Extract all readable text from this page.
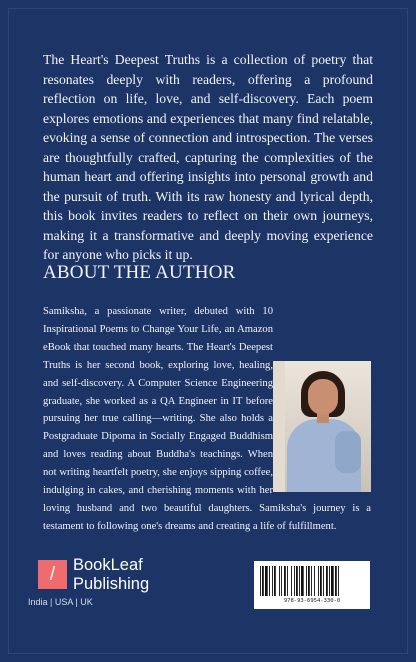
The Heart's Deepest Truths is a collection of poetry that resonates deeply with readers, offering a profound reflection on life, love, and self-discovery. Each poem explores emotions and experiences that many find relatable, evoking a sense of connection and introspection. The verses are thoughtfully crafted, capturing the complexities of the human heart and offering insights into personal growth and the pursuit of truth. With its raw honesty and lyrical depth, this book invites readers to reflect on their own journeys, making it a transformative and deeply moving experience for anyone who picks it up.

ABOUT THE AUTHOR

Samiksha, a passionate writer, debuted with 10 Inspirational Poems to Change Your Life, an Amazon eBook that touched many hearts. The Heart's Deepest Truths is her second book, exploring love, healing, and self-discovery. A Computer Science Engineering graduate, she worked as a QA Engineer in IT before pursuing her true calling—writing. She also holds a Postgraduate Dipoma in Socially Engaged Buddhism and loves reading about Buddha's teachings. When not writing heartfelt poetry, she enjoys sipping coffee, indulging in cakes, and cherishing moments with her loving husband and two beautiful daughters. Samiksha's journey is a testament to following one's dreams and creating a life of fulfillment.

/	BookLeaf
Publishing
India | USA | UK	978-93-6954-330-0
